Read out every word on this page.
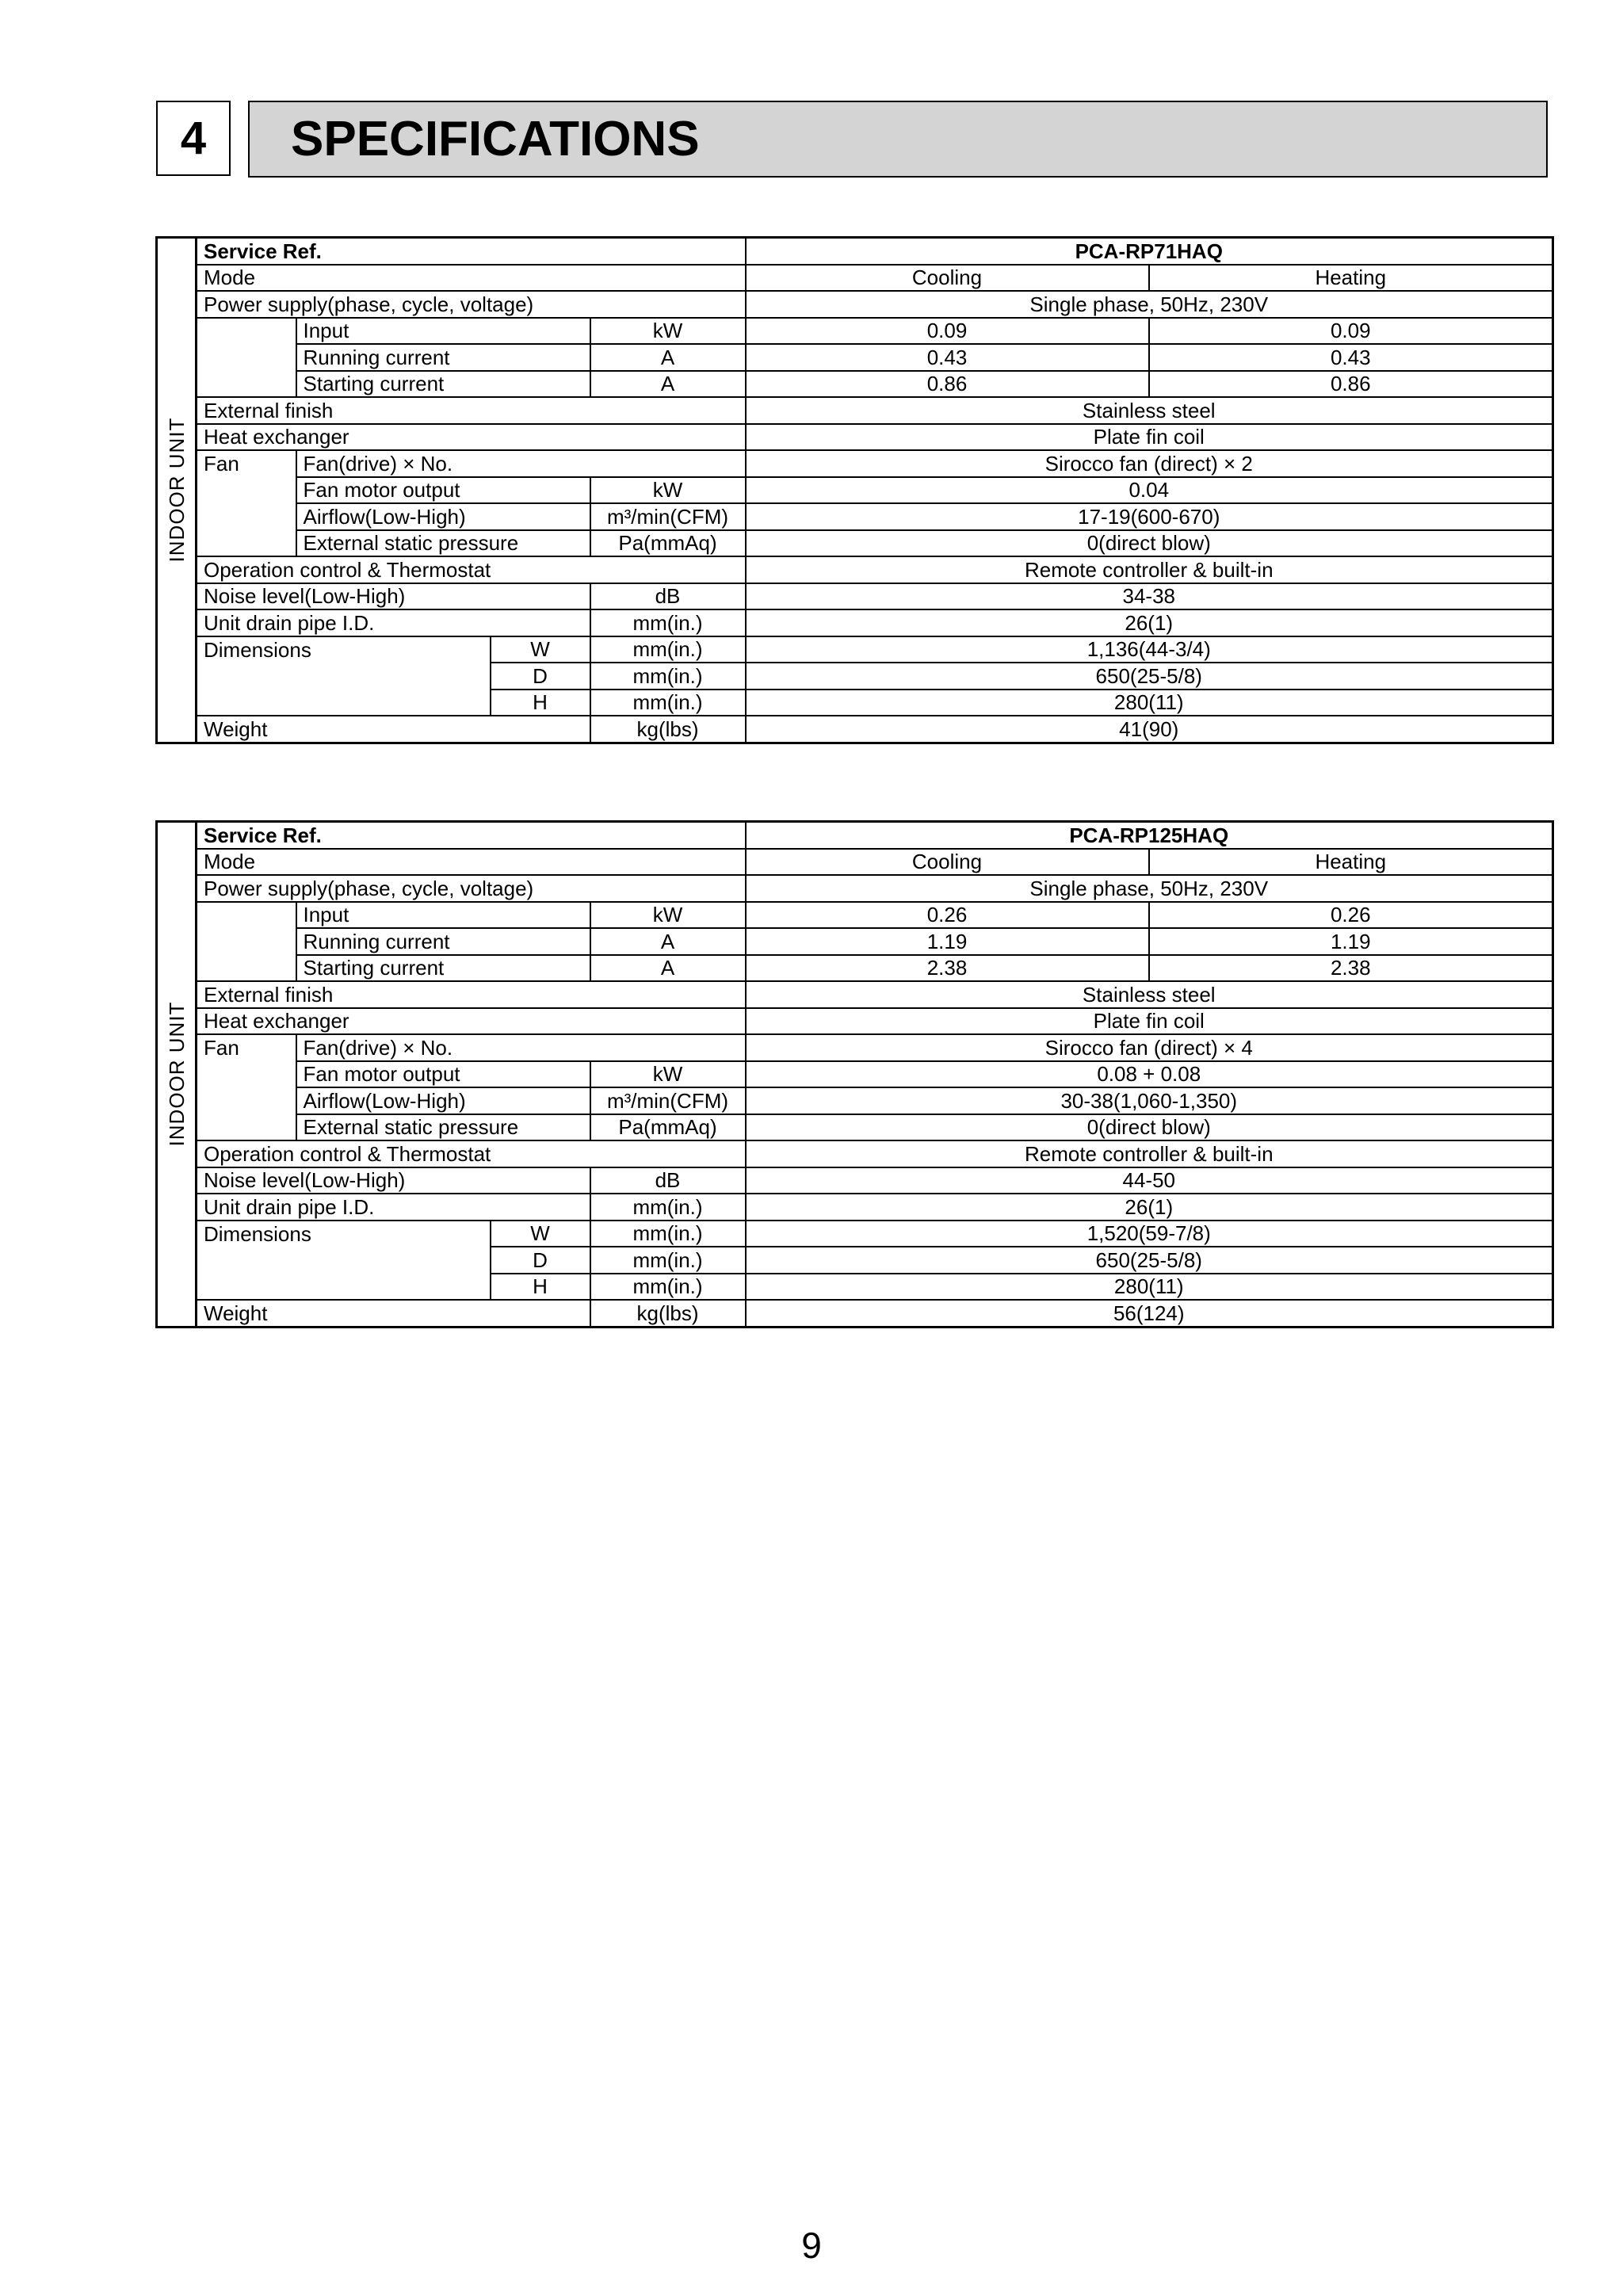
4	SPECIFICATIONS
INDOOR UNIT	Service Ref.				PCA-RP71HAQ	
	Mode				Cooling	Heating
	Power supply(phase, cycle, voltage)				Single phase, 50Hz, 230V	
		Input		kW	0.09	0.09
		Running current		A	0.43	0.43
		Starting current		A	0.86	0.86
	External finish				Stainless steel	
	Heat exchanger				Plate fin coil	
	Fan	Fan(drive) × No.			Sirocco fan (direct) × 2	
		Fan motor output		kW	0.04	
		Airflow(Low-High)		m³/min(CFM)	17-19(600-670)	
		External static pressure		Pa(mmAq)	0(direct blow)	
	Operation control & Thermostat				Remote controller & built-in	
	Noise level(Low-High)			dB	34-38	
	Unit drain pipe I.D.			mm(in.)	26(1)	
	Dimensions		W	mm(in.)	1,136(44-3/4)	
			D	mm(in.)	650(25-5/8)	
			H	mm(in.)	280(11)	
	Weight			kg(lbs)	41(90)	
INDOOR UNIT	Service Ref.				PCA-RP125HAQ	
	Mode				Cooling	Heating
	Power supply(phase, cycle, voltage)				Single phase, 50Hz, 230V	
		Input		kW	0.26	0.26
		Running current		A	1.19	1.19
		Starting current		A	2.38	2.38
	External finish				Stainless steel	
	Heat exchanger				Plate fin coil	
	Fan	Fan(drive) × No.			Sirocco fan (direct) × 4	
		Fan motor output		kW	0.08 + 0.08	
		Airflow(Low-High)		m³/min(CFM)	30-38(1,060-1,350)	
		External static pressure		Pa(mmAq)	0(direct blow)	
	Operation control & Thermostat				Remote controller & built-in	
	Noise level(Low-High)			dB	44-50	
	Unit drain pipe I.D.			mm(in.)	26(1)	
	Dimensions		W	mm(in.)	1,520(59-7/8)	
			D	mm(in.)	650(25-5/8)	
			H	mm(in.)	280(11)	
	Weight			kg(lbs)	56(124)	
9
